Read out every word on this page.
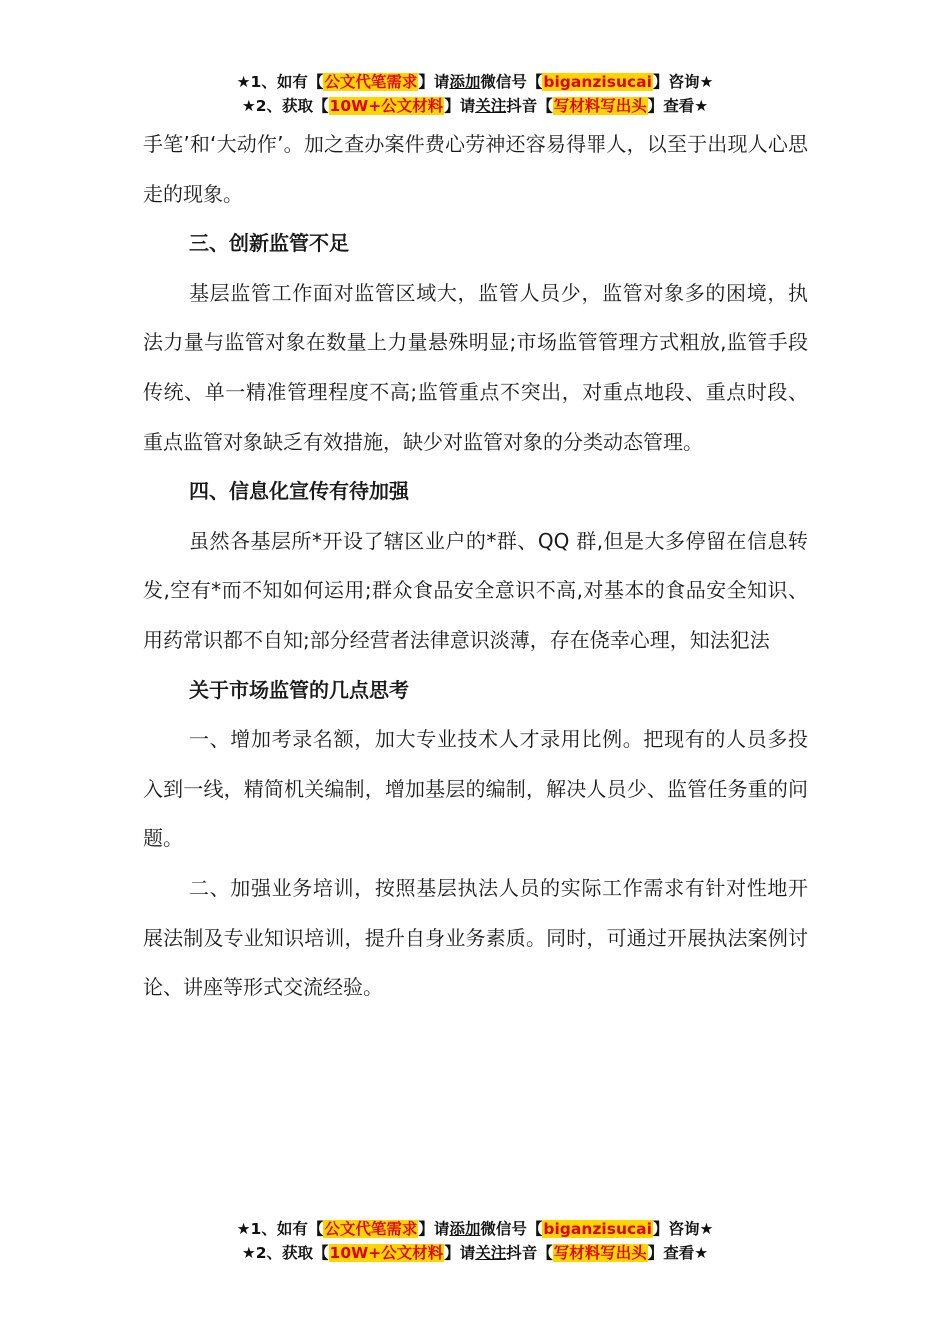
★1、如有【公文代笔需求】请添加微信号【biganzisucai】咨询★
★2、获取【10W+公文材料】请关注抖音【写材料写出头】查看★

手笔’和‘大动作’。加之查办案件费心劳神还容易得罪人，以至于出现人心思走的现象。

三、创新监管不足

基层监管工作面对监管区域大，监管人员少，监管对象多的困境，执法力量与监管对象在数量上力量悬殊明显;市场监管管理方式粗放,监管手段传统、单一精准管理程度不高;监管重点不突出，对重点地段、重点时段、重点监管对象缺乏有效措施，缺少对监管对象的分类动态管理。

四、信息化宣传有待加强

虽然各基层所*开设了辖区业户的*群、QQ 群,但是大多停留在信息转发,空有*而不知如何运用;群众食品安全意识不高,对基本的食品安全知识、用药常识都不自知;部分经营者法律意识淡薄，存在侥幸心理，知法犯法

关于市场监管的几点思考

一、增加考录名额，加大专业技术人才录用比例。把现有的人员多投入到一线，精简机关编制，增加基层的编制，解决人员少、监管任务重的问题。

二、加强业务培训，按照基层执法人员的实际工作需求有针对性地开展法制及专业知识培训，提升自身业务素质。同时，可通过开展执法案例讨论、讲座等形式交流经验。

★1、如有【公文代笔需求】请添加微信号【biganzisucai】咨询★
★2、获取【10W+公文材料】请关注抖音【写材料写出头】查看★
